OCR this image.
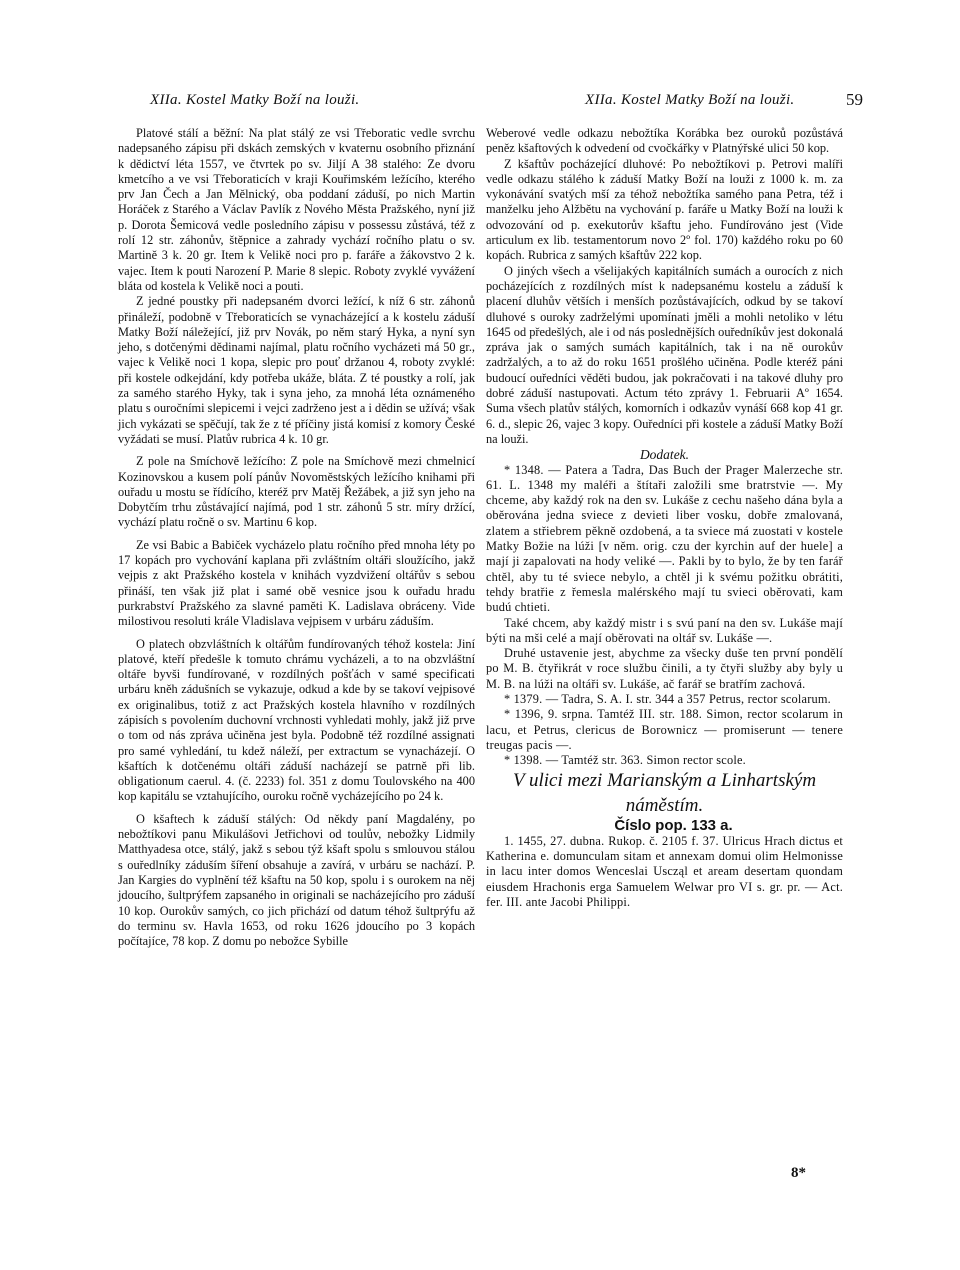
XIIa. Kostel Matky Boží na louži.	XIIa. Kostel Matky Boží na louži.	59

Platové stálí a běžní: Na plat stálý ze vsi Třeboratic vedle svrchu nadepsaného zápisu při dskách zemských v kvaternu osobního přiznání k dědictví léta 1557, ve čtvrtek po sv. Jiljí A 38 stalého: Ze dvoru kmetcího a ve vsi Třeboraticích v kraji Kouřimském ležícího, kterého prv Jan Čech a Jan Mělnický, oba poddaní záduší, po nich Martin Horáček z Starého a Václav Pavlík z Nového Města Pražského, nyní již p. Dorota Šemicová vedle posledního zápisu v possessu zůstává, též z rolí 12 str. záhonův, štěpnice a zahrady vychází ročního platu o sv. Martině 3 k. 20 gr. Item k Velikě noci pro p. faráře a žákovstvo 2 k. vajec. Item k pouti Narození P. Marie 8 slepic. Roboty zvyklé vyvážení bláta od kostela k Velikě noci a pouti.

Z jedné poustky při nadepsaném dvorci ležící, k níž 6 str. záhonů přináleží, podobně v Třeboraticích se vynacházející a k kostelu záduší Matky Boží náležející, již prv Novák, po něm starý Hyka, a nyní syn jeho, s dotčenými dědinami najímal, platu ročního vycházeti má 50 gr., vajec k Velikě noci 1 kopa, slepic pro pouť držanou 4, roboty zvyklé: při kostele odkejdání, kdy potřeba ukáže, bláta. Z té poustky a rolí, jak za samého starého Hyky, tak i syna jeho, za mnohá léta oznámeného platu s ouročními slepicemi i vejci zadrženo jest a i dědin se užívá; však jich vykázati se spěčují, tak že z té příčiny jistá komisí z komory České vyžádati se musí. Platův rubrica 4 k. 10 gr.

Z pole na Smíchově ležícího: Z pole na Smíchově mezi chmelnicí Kozinovskou a kusem polí pánův Novoměstských ležícího knihami při ouřadu u mostu se řídícího, kteréž prv Matěj Řežábek, a již syn jeho na Dobytčím trhu zůstávající najímá, pod 1 str. záhonů 5 str. míry držící, vychází platu ročně o sv. Martinu 6 kop.

Ze vsi Babic a Babiček vycházelo platu ročního před mnoha léty po 17 kopách pro vychování kaplana při zvláštním oltáři sloužícího, jakž vejpis z akt Pražského kostela v knihách vyzdvižení oltářův s sebou přináší, ten však již plat i samé obě vesnice jsou k ouřadu hradu purkrabství Pražského za slavné paměti K. Ladislava obráceny. Vide milostivou resoluti krále Vladislava vejpisem v urbáru záduším.

O platech obzvláštních k oltářům fundírovaných téhož kostela: Jiní platové, kteří předešle k tomuto chrámu vycházeli, a to na obzvláštní oltáře byvši fundírované, v rozdílných pošťách v samé specificati urbáru kněh zádušních se vykazuje, odkud a kde by se takoví vejpisové ex originalibus, totiž z act Pražských kostela hlavního v rozdílných zápisích s povolením duchovní vrchnosti vyhledati mohly, jakž již prve o tom od nás zpráva učiněna jest byla. Podobně též rozdílné assignati pro samé vyhledání, tu kdež náleží, per extractum se vynacházejí. O kšaftích k dotčenému oltáři záduší nacházejí se patrně při lib. obligationum caerul. 4. (č. 2233) fol. 351 z domu Toulovského na 400 kop kapitálu se vztahujícího, ouroku ročně vycházejícího po 24 k.

O kšaftech k záduší stálých: Od někdy paní Magdalény, po nebožtíkovi panu Mikulášovi Jetřichovi od toulův, nebožky Lidmily Matthyadesa otce, stálý, jakž s sebou týž kšaft spolu s smlouvou stálou s ouředlníky záduším šíření obsahuje a zavírá, v urbáru se nachází. P. Jan Kargies do vyplnění též kšaftu na 50 kop, spolu i s ourokem na něj jdoucího, šultprýfem zapsaného in originali se nacházejícího pro záduší 10 kop. Ourokův samých, co jich přichází od datum téhož šultprýfu až do terminu sv. Havla 1653, od roku 1626 jdoucího po 3 kopách počítajíce, 78 kop. Z domu po nebožce Sybille

Weberové vedle odkazu nebožtíka Korábka bez ouroků pozůstává peněz kšaftových k odvedení od cvočkářky v Platnýřské ulici 50 kop.

Z kšaftův pocházející dluhové: Po nebožtíkovi p. Petrovi malíři vedle odkazu stálého k záduší Matky Boží na louži z 1000 k. m. za vykonávání svatých mší za téhož nebožtíka samého pana Petra, též i manželku jeho Alžbětu na vychování p. faráře u Matky Boží na louži k odvozování od p. exekutorův kšaftu jeho. Fundírováno jest (Vide articulum ex lib. testamentorum novo 2º fol. 170) každého roku po 60 kopách. Rubrica z samých kšaftův 222 kop.

O jiných všech a všelijakých kapitálních sumách a ourocích z nich pocházejících z rozdílných míst k nadepsanému kostelu a záduší k placení dluhův větších i menších pozůstávajících, odkud by se takoví dluhové s ouroky zadrželými upomínati jměli a mohli netoliko v létu 1645 od předešlých, ale i od nás posledněјších ouředníkův jest dokonalá zpráva jak o samých sumách kapitálních, tak i na ně ourokův zadržalých, a to až do roku 1651 prošlého učiněna. Podle kteréž páni budoucí ouředníci věděti budou, jak pokračovati i na takové dluhy pro dobré záduší nastupovati. Actum této zprávy 1. Februarii Aº 1654. Suma všech platův stálých, komorních i odkazův vynáší 668 kop 41 gr. 6. d., slepic 26, vajec 3 kopy. Ouředníci při kostele a záduší Matky Boží na louži.

Dodatek.

* 1348. — Patera a Tadra, Das Buch der Prager Malerzeche str. 61. L. 1348 my maléři a štítaři založili sme bratrstvie —. My chceme, aby každý rok na den sv. Lukáše z cechu našeho dána byla a oběrována jedna sviece z devieti liber vosku, dobře zmalovaná, zlatem a střiebrem pěkně ozdobená, a ta sviece má zuostati v kostele Matky Božie na lúži [v něm. orig. czu der kyrchin auf der huele] a mají ji zapalovati na hody veliké —. Pakli by to bylo, že by ten farář chtěl, aby tu té sviece nebylo, a chtěl ji k svému požitku obrátiti, tehdy bratřie z řemesla malérského mají tu svieci oběrovati, kam budú chtieti.

Také chcem, aby každý mistr i s svú paní na den sv. Lukáše mají býti na mši celé a mají oběrovati na oltář sv. Lukáše —.

Druhé ustavenie jest, abychme za všecky duše ten první pondělí po M. B. čtyřikrát v roce službu činili, a ty čtyři služby aby byly u M. B. na lúži na oltáři sv. Lukáše, ač farář se bratřím zachová.

* 1379. — Tadra, S. A. I. str. 344 a 357 Petrus, rector scolarum.

* 1396, 9. srpna. Tamtéž III. str. 188. Simon, rector scolarum in lacu, et Petrus, clericus de Borownicz — promiserunt — tenere treugas pacis —.

* 1398. — Tamtéž str. 363. Simon rector scole.

V ulici mezi Marianským a Linhartským náměstím.

Číslo pop. 133 a.

1. 1455, 27. dubna. Rukop. č. 2105 f. 37. Ulricus Hrach dictus et Katherina e. domunculam sitam et annexam domui olim Helmonisse in lacu inter domos Wenceslai Uscząl et aream desertam quondam eiusdem Hrachonis erga Samuelem Welwar pro VI s. gr. pr. — Act. fer. III. ante Jacobi Philippi.

8*
